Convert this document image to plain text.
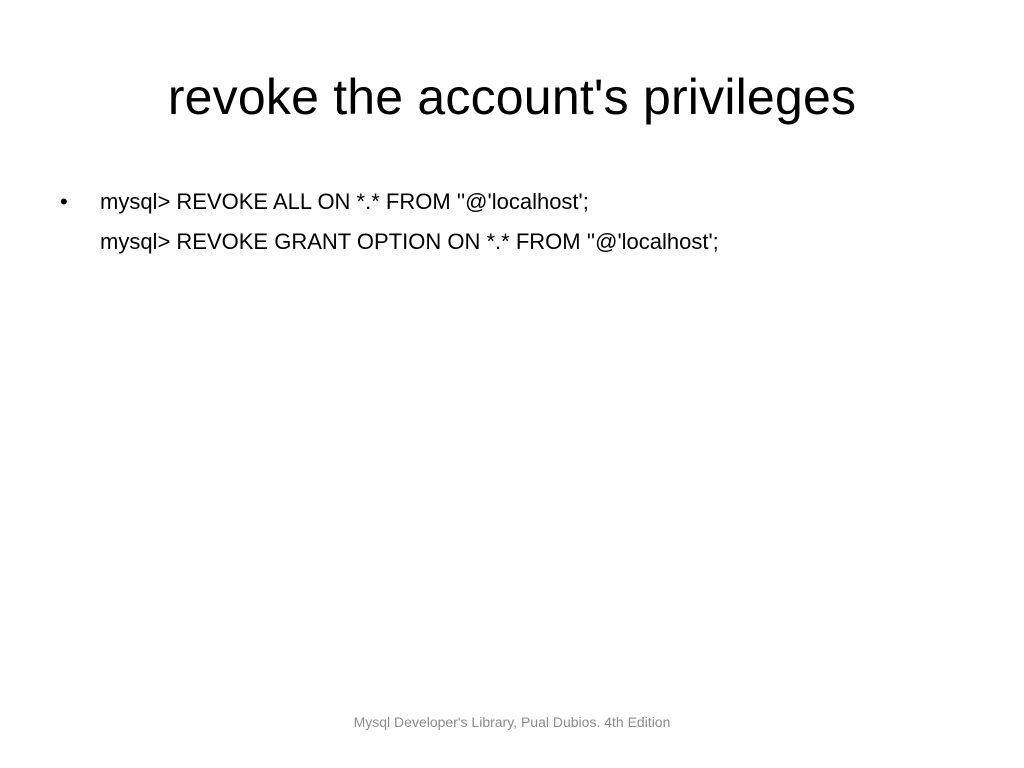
revoke the account's privileges
• mysql> REVOKE ALL ON *.* FROM ''@'localhost';
mysql> REVOKE GRANT OPTION ON *.* FROM ''@'localhost';
Mysql Developer's Library, Pual Dubios. 4th Edition
